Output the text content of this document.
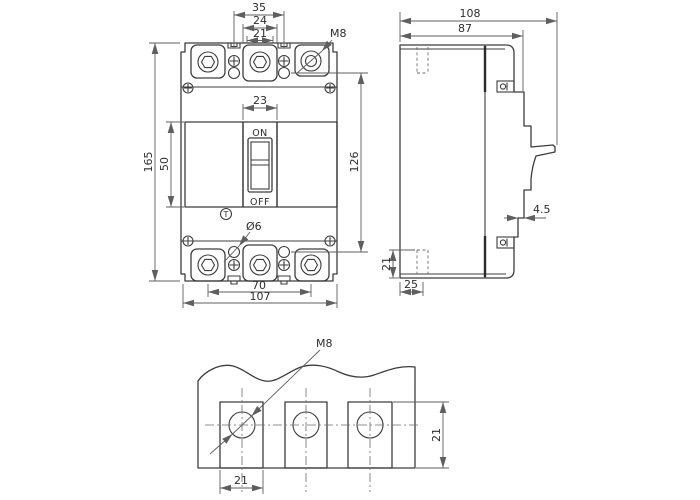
ON
OFF
T
M8
Ø6
35
24
21
23
50
165	126
70
107
108
87
4.5
21
25
M8
21
21
